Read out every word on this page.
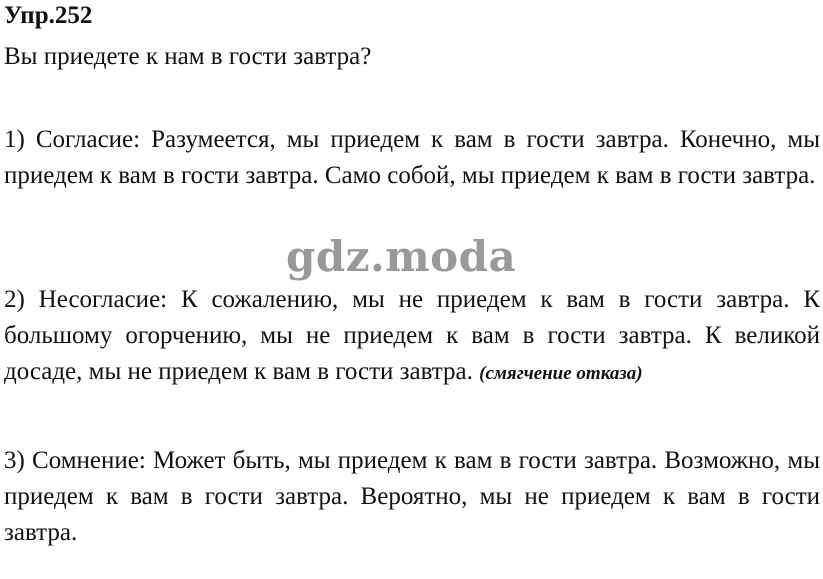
Упр.252
Вы приедете к нам в гости завтра?

1) Согласие: Разумеется, мы приедем к вам в гости завтра. Конечно, мы приедем к вам в гости завтра. Само собой, мы приедем к вам в гости завтра.

gdz.moda

2) Несогласие: К сожалению, мы не приедем к вам в гости завтра. К большому огорчению, мы не приедем к вам в гости завтра. К великой досаде, мы не приедем к вам в гости завтра. (смягчение отказа)

3) Сомнение: Может быть, мы приедем к вам в гости завтра. Возможно, мы приедем к вам в гости завтра. Вероятно, мы не приедем к вам в гости завтра.
